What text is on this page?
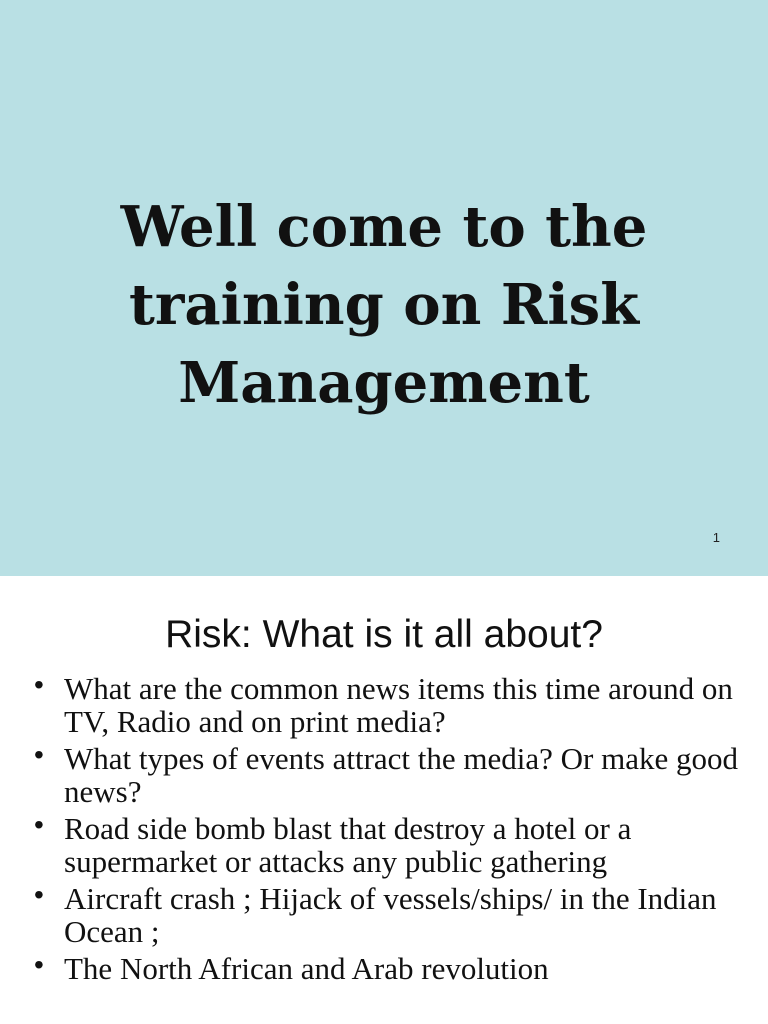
Well come to the
training on Risk
Management
1
Risk: What is it all about?
• What are the common news items this time around on TV, Radio and on print media?
• What types of events attract the media? Or make good news?
• Road side bomb blast that destroy a hotel or a supermarket or attacks any public gathering
• Aircraft crash ; Hijack of vessels/ships/ in the Indian Ocean ;
• The North African and Arab revolution
